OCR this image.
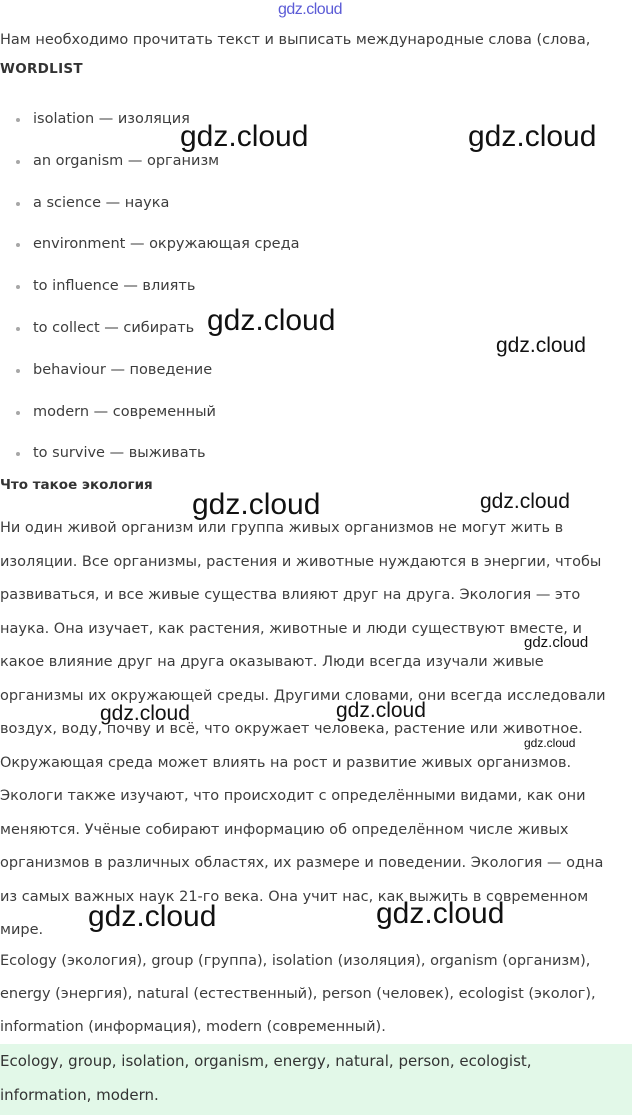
gdz.cloud
Нам необходимо прочитать текст и выписать международные слова (слова,
WORDLIST
isolation — изоляция
an organism — организм
a science — наука
environment — окружающая среда
to influence — влиять
to collect — сибирать
behaviour — поведение
modern — современный
to survive — выживать
Что такое экология
Ни один живой организм или группа живых организмов не могут жить в
изоляции. Все организмы, растения и животные нуждаются в энергии, чтобы
развиваться, и все живые существа влияют друг на друга. Экология — это
наука. Она изучает, как растения, животные и люди существуют вместе, и
какое влияние друг на друга оказывают. Люди всегда изучали живые
организмы их окружающей среды. Другими словами, они всегда исследовали
воздух, воду, почву и всё, что окружает человека, растение или животное.
Окружающая среда может влиять на рост и развитие живых организмов.
Экологи также изучают, что происходит с определёнными видами, как они
меняются. Учёные собирают информацию об определённом числе живых
организмов в различных областях, их размере и поведении. Экология — одна
из самых важных наук 21-го века. Она учит нас, как выжить в современном
мире.
Ecology (экология), group (группа), isolation (изоляция), organism (организм),
energy (энергия), natural (естественный), person (человек), ecologist (эколог),
information (информация), modern (современный).
Ecology, group, isolation, organism, energy, natural, person, ecologist,
information, modern.
gdz.cloud	gdz.cloud
gdz.cloud
gdz.cloud
gdz.cloud	gdz.cloud
gdz.cloud
gdz.cloud	gdz.cloud
gdz.cloud
gdz.cloud	gdz.cloud
